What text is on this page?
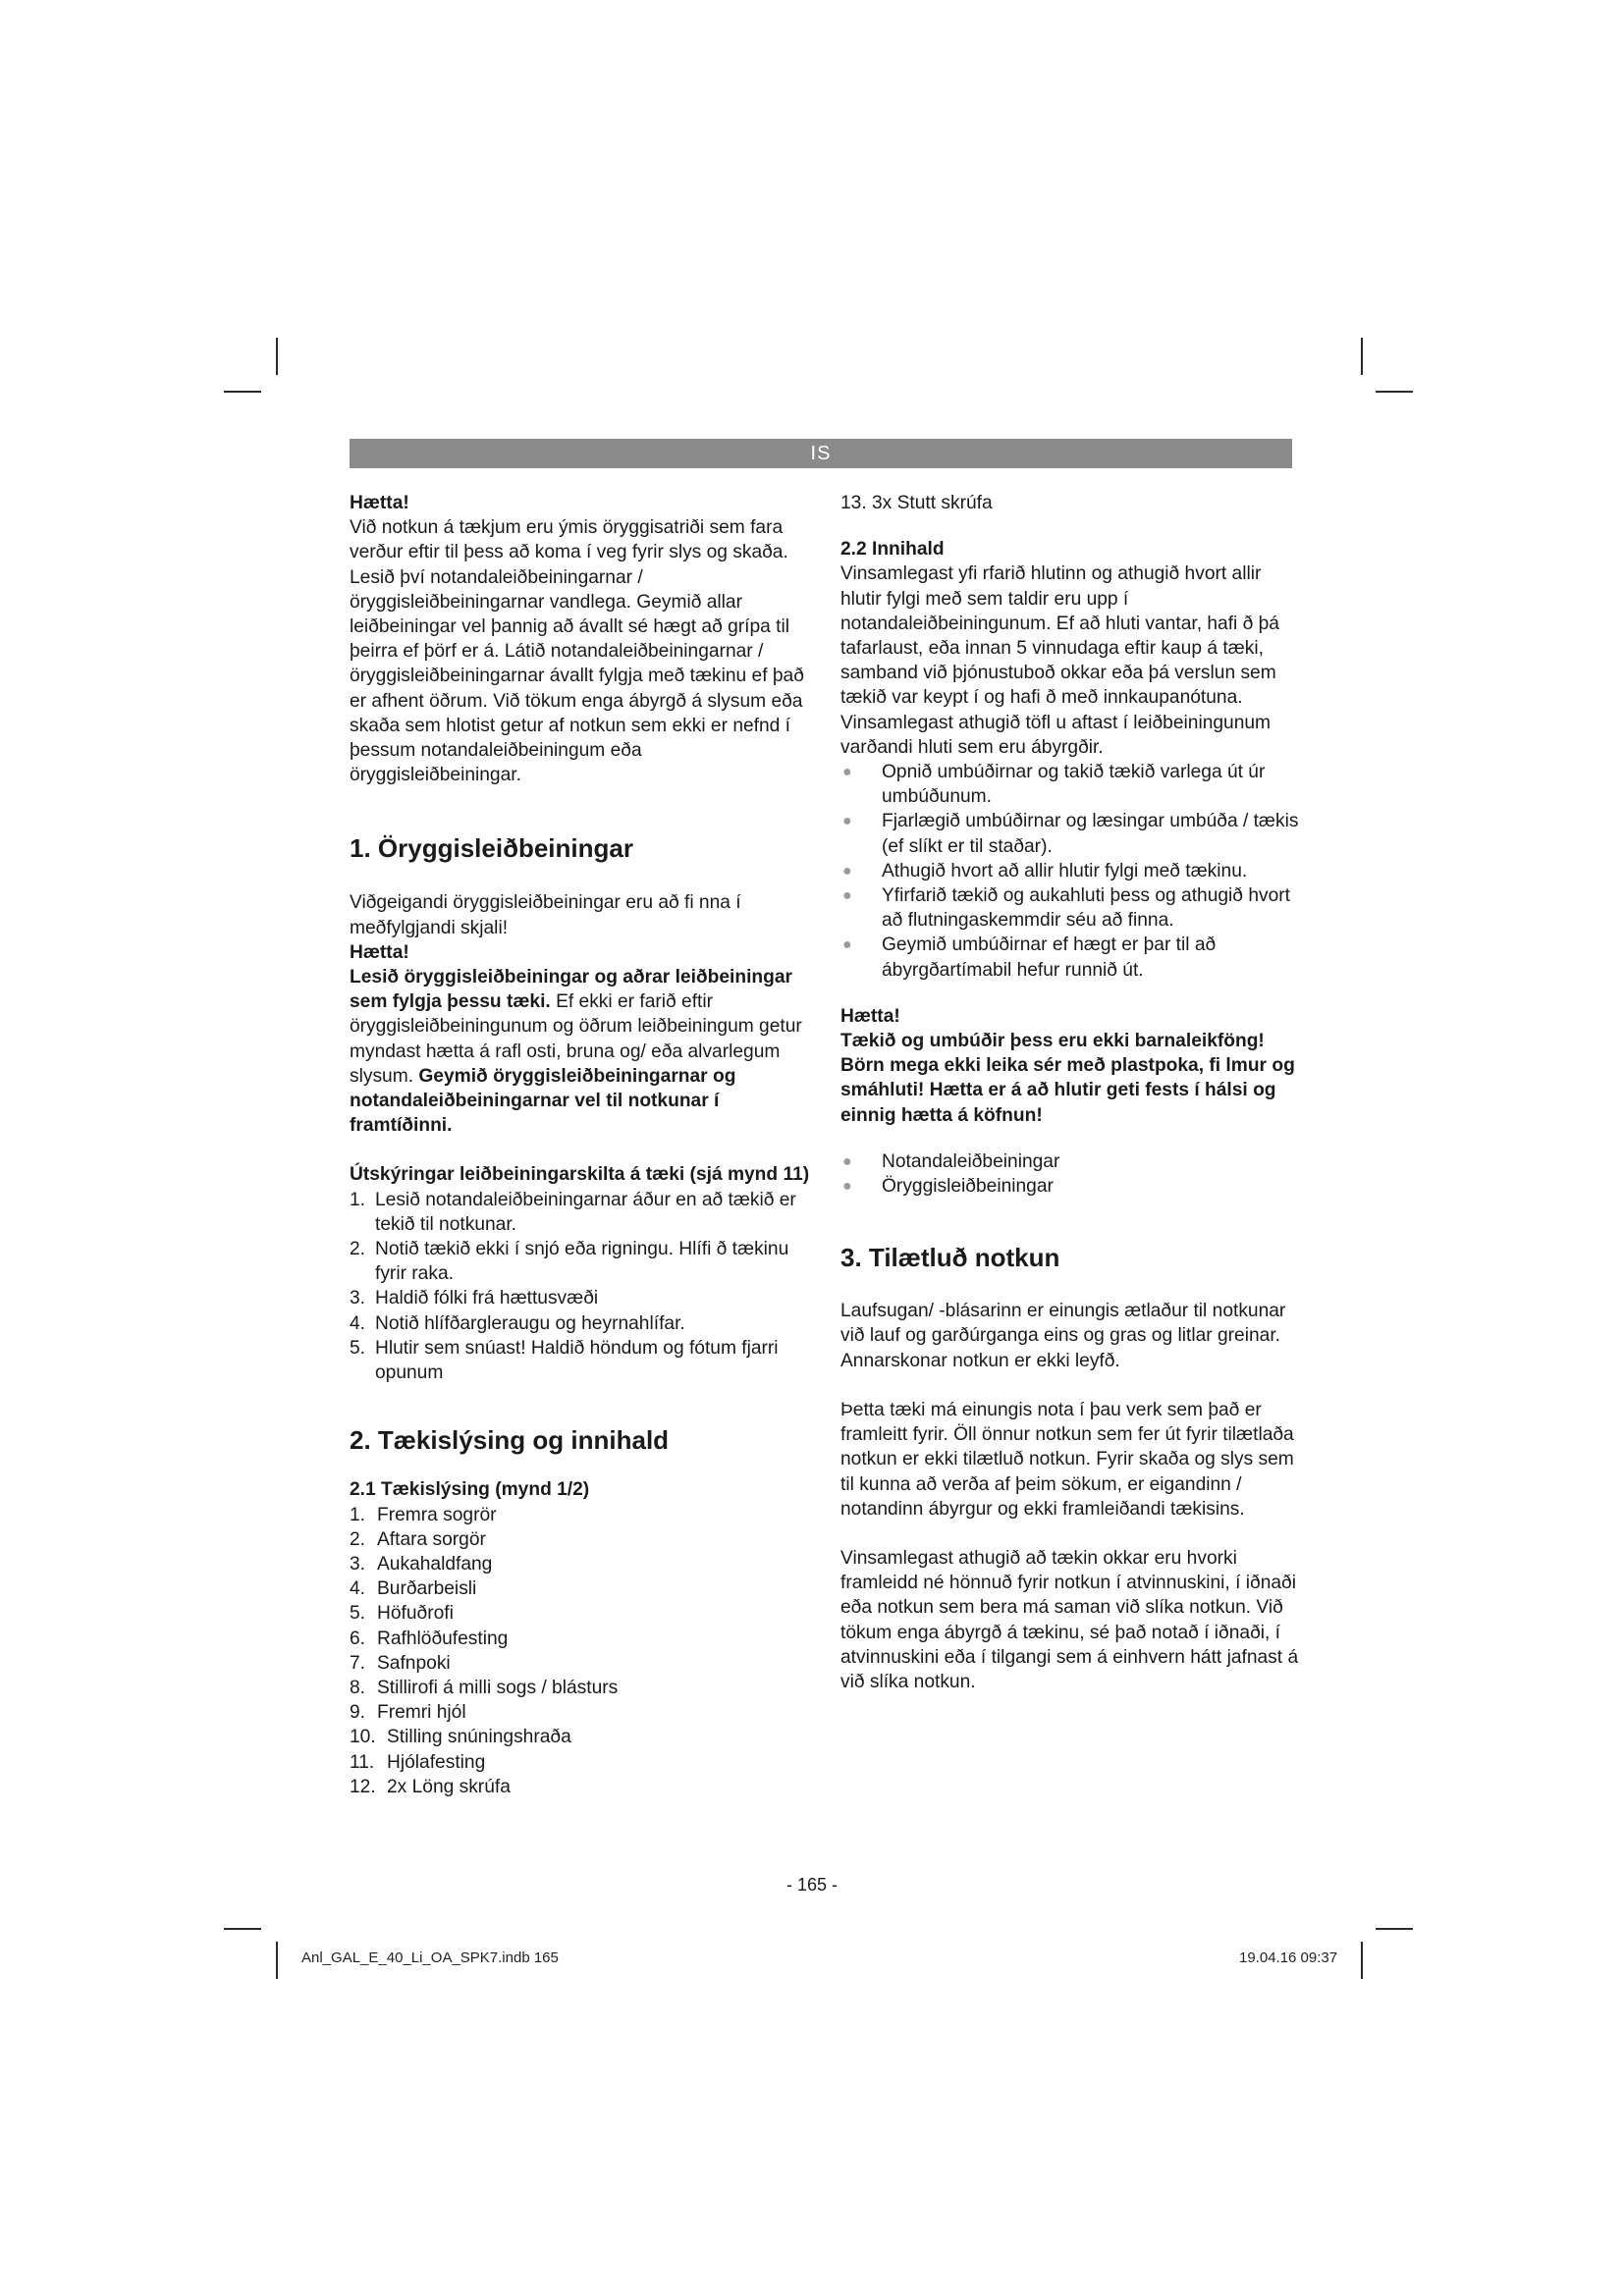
IS

Hætta!

Við notkun á tækjum eru ýmis öryggisatriði sem fara verður eftir til þess að koma í veg fyrir slys og skaða. Lesið því notandaleiðbeiningarnar / öryggisleiðbeiningarnar vandlega. Geymið allar leiðbeiningar vel þannig að ávallt sé hægt að grípa til þeirra ef þörf er á. Látið notandaleiðbeiningarnar / öryggisleiðbeiningarnar ávallt fylgja með tækinu ef það er afhent öðrum. Við tökum enga ábyrgð á slysum eða skaða sem hlotist getur af notkun sem ekki er nefnd í þessum notandaleiðbeiningum eða öryggisleiðbeiningar.

1. Öryggisleiðbeiningar

Viðgeigandi öryggisleiðbeiningar eru að fi nna í meðfylgjandi skjali!

Hætta!

Lesið öryggisleiðbeiningar og aðrar leiðbeiningar sem fylgja þessu tæki. Ef ekki er farið eftir öryggisleiðbeiningunum og öðrum leiðbeiningum getur myndast hætta á rafl osti, bruna og/ eða alvarlegum slysum. Geymið öryggisleiðbeiningarnar og notandaleiðbeiningarnar vel til notkunar í framtíðinni.

Útskýringar leiðbeiningarskilta á tæki (sjá mynd 11)

1. Lesið notandaleiðbeiningarnar áður en að tækið er tekið til notkunar.
2. Notið tækið ekki í snjó eða rigningu. Hlífi ð tækinu fyrir raka.
3. Haldið fólki frá hættusvæði
4. Notið hlífðargleraugu og heyrnahlífar.
5. Hlutir sem snúast! Haldið höndum og fótum fjarri opunum

2. Tækislýsing og innihald

2.1 Tækislýsing (mynd 1/2)

1. Fremra sogrör
2. Aftara sorgör
3. Aukahaldfang
4. Burðarbeisli
5. Höfuðrofi
6. Rafhlöðufesting
7. Safnpoki
8. Stillirofi á milli sogs / blásturs
9. Fremri hjól
10. Stilling snúningshraða
11. Hjólafesting
12. 2x Löng skrúfa

13. 3x Stutt skrúfa

2.2 Innihald

Vinsamlegast yfi rfarið hlutinn og athugið hvort allir hlutir fylgi með sem taldir eru upp í notandaleiðbeiningunum. Ef að hluti vantar, hafi ð þá tafarlaust, eða innan 5 vinnudaga eftir kaup á tæki, samband við þjónustuboð okkar eða þá verslun sem tækið var keypt í og hafi ð með innkaupanótuna. Vinsamlegast athugið töfl u aftast í leiðbeiningunum varðandi hluti sem eru ábyrgðir.

●	Opnið umbúðirnar og takið tækið varlega út úr umbúðunum.
●	Fjarlægið umbúðirnar og læsingar umbúða / tækis (ef slíkt er til staðar).
●	Athugið hvort að allir hlutir fylgi með tækinu.
●	Yfirfarið tækið og aukahluti þess og athugið hvort að flutningaskemmdir séu að finna.
●	Geymið umbúðirnar ef hægt er þar til að ábyrgðartímabil hefur runnið út.

Hætta!

Tækið og umbúðir þess eru ekki barnaleikföng! Börn mega ekki leika sér með plastpoka, fi lmur og smáhluti! Hætta er á að hlutir geti fests í hálsi og einnig hætta á köfnun!

●	Notandaleiðbeiningar
●	Öryggisleiðbeiningar

3. Tilætluð notkun

Laufsugan/ -blásarinn er einungis ætlaður til notkunar við lauf og garðúrganga eins og gras og litlar greinar. Annarskonar notkun er ekki leyfð.

Þetta tæki má einungis nota í þau verk sem það er framleitt fyrir. Öll önnur notkun sem fer út fyrir tilætlaða notkun er ekki tilætluð notkun. Fyrir skaða og slys sem til kunna að verða af þeim sökum, er eigandinn / notandinn ábyrgur og ekki framleiðandi tækisins.

Vinsamlegast athugið að tækin okkar eru hvorki framleidd né hönnuð fyrir notkun í atvinnuskini, í iðnaði eða notkun sem bera má saman við slíka notkun. Við tökum enga ábyrgð á tækinu, sé það notað í iðnaði, í atvinnuskini eða í tilgangi sem á einhvern hátt jafnast á við slíka notkun.

- 165 -
Anl_GAL_E_40_Li_OA_SPK7.indb 165	19.04.16 09:37
